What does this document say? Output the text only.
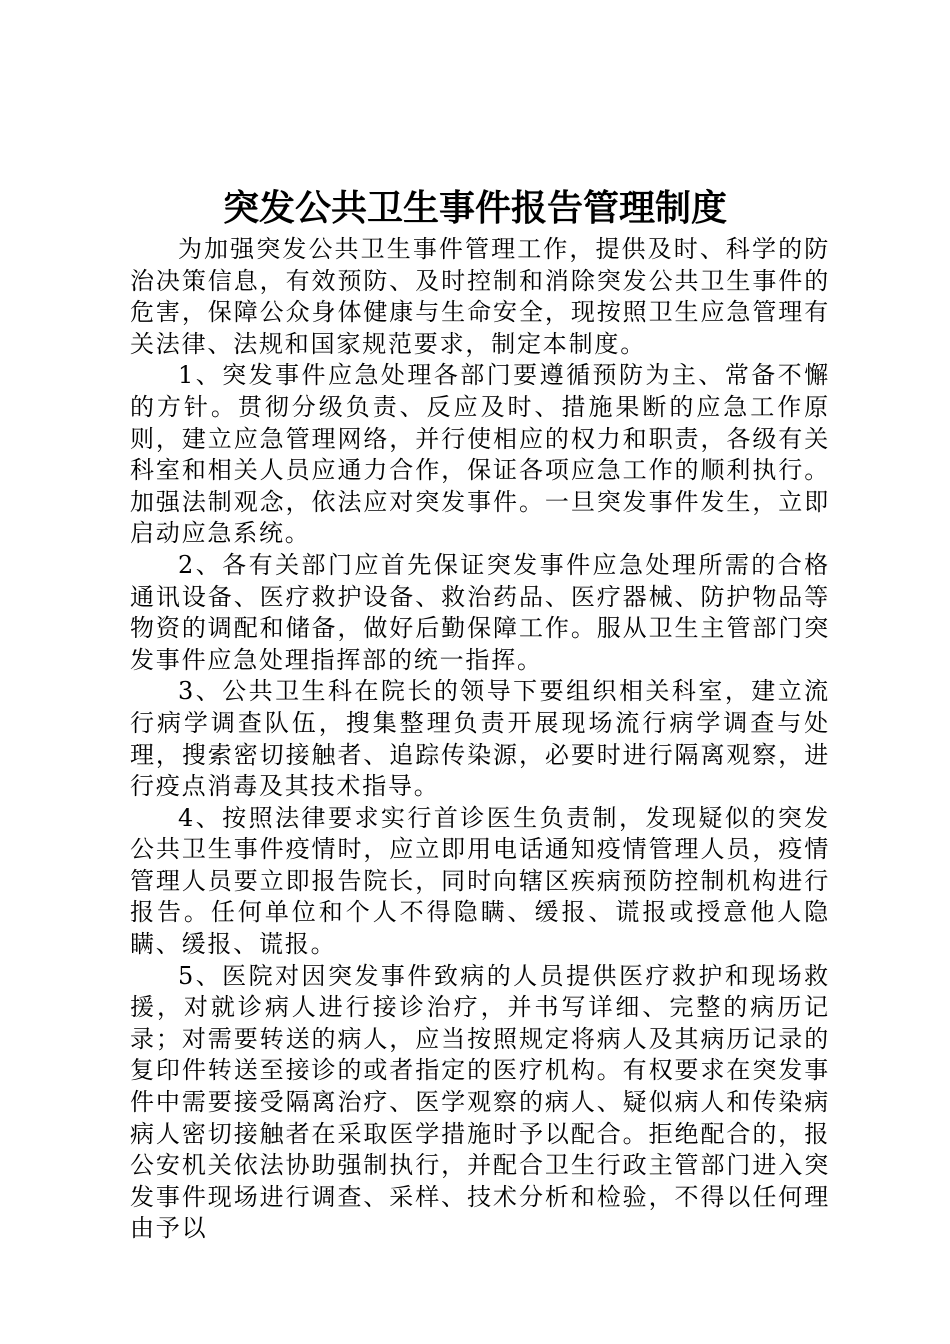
突发公共卫生事件报告管理制度

为加强突发公共卫生事件管理工作，提供及时、科学的防治决策信息，有效预防、及时控制和消除突发公共卫生事件的危害，保障公众身体健康与生命安全，现按照卫生应急管理有关法律、法规和国家规范要求，制定本制度。

1、突发事件应急处理各部门要遵循预防为主、常备不懈的方针。贯彻分级负责、反应及时、措施果断的应急工作原则，建立应急管理网络，并行使相应的权力和职责，各级有关科室和相关人员应通力合作，保证各项应急工作的顺利执行。加强法制观念，依法应对突发事件。一旦突发事件发生，立即启动应急系统。

2、各有关部门应首先保证突发事件应急处理所需的合格通讯设备、医疗救护设备、救治药品、医疗器械、防护物品等物资的调配和储备，做好后勤保障工作。服从卫生主管部门突发事件应急处理指挥部的统一指挥。

3、公共卫生科在院长的领导下要组织相关科室，建立流行病学调查队伍，搜集整理负责开展现场流行病学调查与处理，搜索密切接触者、追踪传染源，必要时进行隔离观察，进行疫点消毒及其技术指导。

4、按照法律要求实行首诊医生负责制，发现疑似的突发公共卫生事件疫情时，应立即用电话通知疫情管理人员，疫情管理人员要立即报告院长，同时向辖区疾病预防控制机构进行报告。任何单位和个人不得隐瞒、缓报、谎报或授意他人隐瞒、缓报、谎报。

5、医院对因突发事件致病的人员提供医疗救护和现场救援，对就诊病人进行接诊治疗，并书写详细、完整的病历记录；对需要转送的病人，应当按照规定将病人及其病历记录的复印件转送至接诊的或者指定的医疗机构。有权要求在突发事件中需要接受隔离治疗、医学观察的病人、疑似病人和传染病病人密切接触者在采取医学措施时予以配合。拒绝配合的，报公安机关依法协助强制执行，并配合卫生行政主管部门进入突发事件现场进行调查、采样、技术分析和检验，不得以任何理由予以
